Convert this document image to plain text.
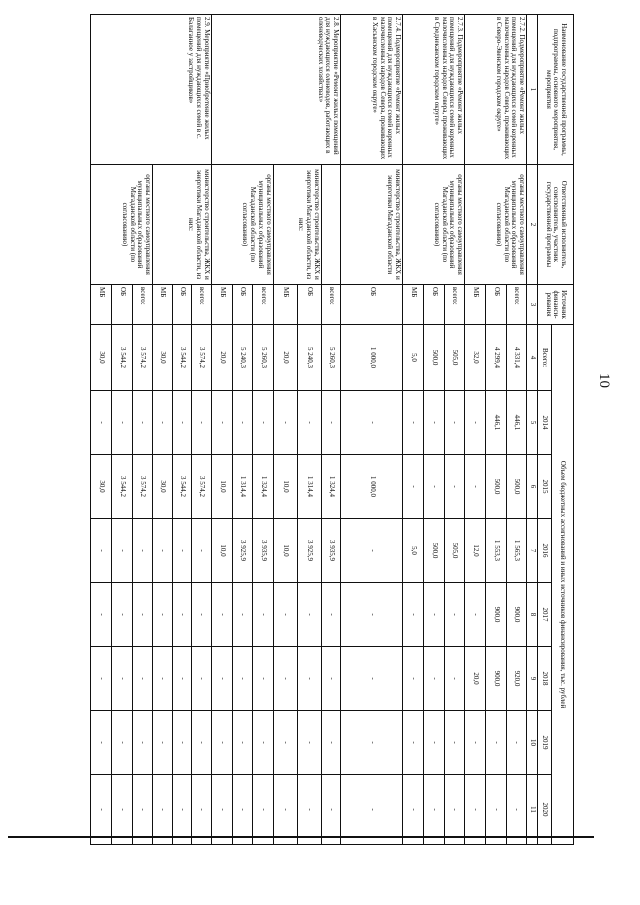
10
Наименование государственной программы, подпрограммы, основного мероприятия, мероприятия	Ответственный исполнитель, соисполнитель, участник государственной программы	Источник финанси-рования	Объем бюджетных ассигнований и иных источников финансирования, тыс. рублей							
			Всего:	2014	2015	2016	2017	2018	2019	2020
1	2	3	4	5	6	7	8	9	10	11
2.7.2. Подмероприятие «Ремонт жилых помещений для нуждающихся семей коренных малочисленных народов Севера, проживающих в Северо-Эвенском городском округе»	органы местного самоуправления муниципальных образований Магаданской области (по согласованию)	всего:	4 331,4	446,1	500,0	1 565,3	900,0	920,0	-	-
		ОБ	4 299,4	446,1	500,0	1 553,3	900,0	900,0	-	-
		МБ	32,0	-	-	12,0	-	20,0	-	-
2.7.3. Подмероприятие «Ремонт жилых помещений для нуждающихся семей коренных малочисленных народов Севера, проживающих в Среднеканском городском округе»	органы местного самоуправления муниципальных образований Магаданской области (по согласованию)	всего:	505,0	-	-	505,0	-	-	-	-
		ОБ	500,0	-	-	500,0	-	-	-	-
		МБ	5,0	-	-	5,0	-	-	-	-
2.7.4. Подмероприятие «Ремонт жилых помещений для нуждающихся семей коренных малочисленных народов Севера, проживающих в Хасынском городском округе»	министерство строительства, ЖКХ и энергетики Магаданской области	ОБ	1 000,0	-	1 000,0	-	-	-	-	-
2.8. Мероприятие «Ремонт жилых помещений для нуждающихся оленеводов, работающих в оленеводческих хозяйствах»		всего:	5 260,3	-	1 324,4	3 935,9	-	-	-	-
	министерство строительства, ЖКХ и энергетики Магаданской области, из них:	ОБ	5 240,3	-	1 314,4	3 925,9	-	-	-	-
		МБ	20,0	-	10,0	10,0	-	-	-	-
	органы местного самоуправления муниципальных образований Магаданской области (по согласованию)	всего:	5 260,3	-	1 324,4	3 935,9	-	-	-	-
		ОБ	5 240,3	-	1 314,4	3 925,9	-	-	-	-
		МБ	20,0	-	10,0	10,0	-	-	-	-
2.9. Мероприятие «Приобретение жилых помещений для нуждающихся семей в с. Балаганное у застройщиков»	министерство строительства, ЖКХ и энергетики Магаданской области, из них:	всего:	3 574,2	-	3 574,2	-	-	-	-	-
		ОБ	3 544,2	-	3 544,2	-	-	-	-	-
		МБ	30,0	-	30,0	-	-	-	-	-
	органы местного самоуправления муниципальных образований Магаданской области (по согласованию)	всего:	3 574,2	-	3 574,2	-	-	-	-	-
		ОБ	3 544,2	-	3 544,2	-	-	-	-	-
		МБ	30,0	-	30,0	-	-	-	-	-
